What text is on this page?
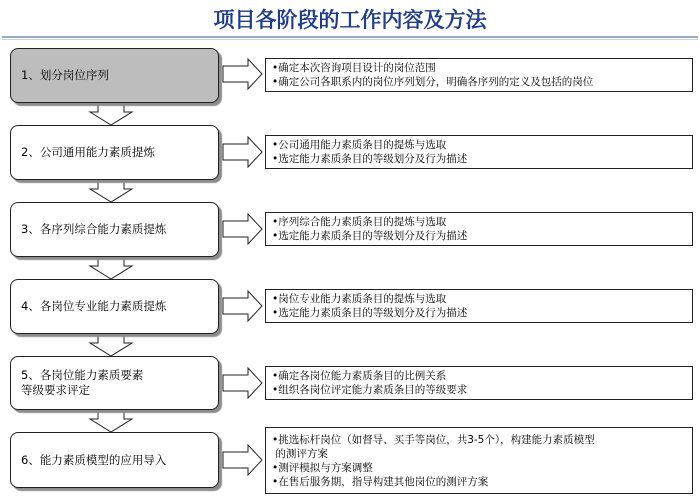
项目各阶段的工作内容及方法
1、划分岗位序列	•确定本次咨询项目设计的岗位范围
•确定公司各职系内的岗位序列划分，明确各序列的定义及包括的岗位
2、公司通用能力素质提炼	•公司通用能力素质条目的提炼与选取
•选定能力素质条目的等级划分及行为描述
3、各序列综合能力素质提炼	•序列综合能力素质条目的提炼与选取
•选定能力素质条目的等级划分及行为描述
4、各岗位专业能力素质提炼	•岗位专业能力素质条目的提炼与选取
•选定能力素质条目的等级划分及行为描述
5、各岗位能力素质要素
等级要求评定
•确定各岗位能力素质条目的比例关系
•组织各岗位评定能力素质条目的等级要求
6、能力素质模型的应用导入
•挑选标杆岗位（如督导、买手等岗位，共3-5个），构建能力素质模型
的测评方案
•测评模拟与方案调整
•在售后服务期，指导构建其他岗位的测评方案
